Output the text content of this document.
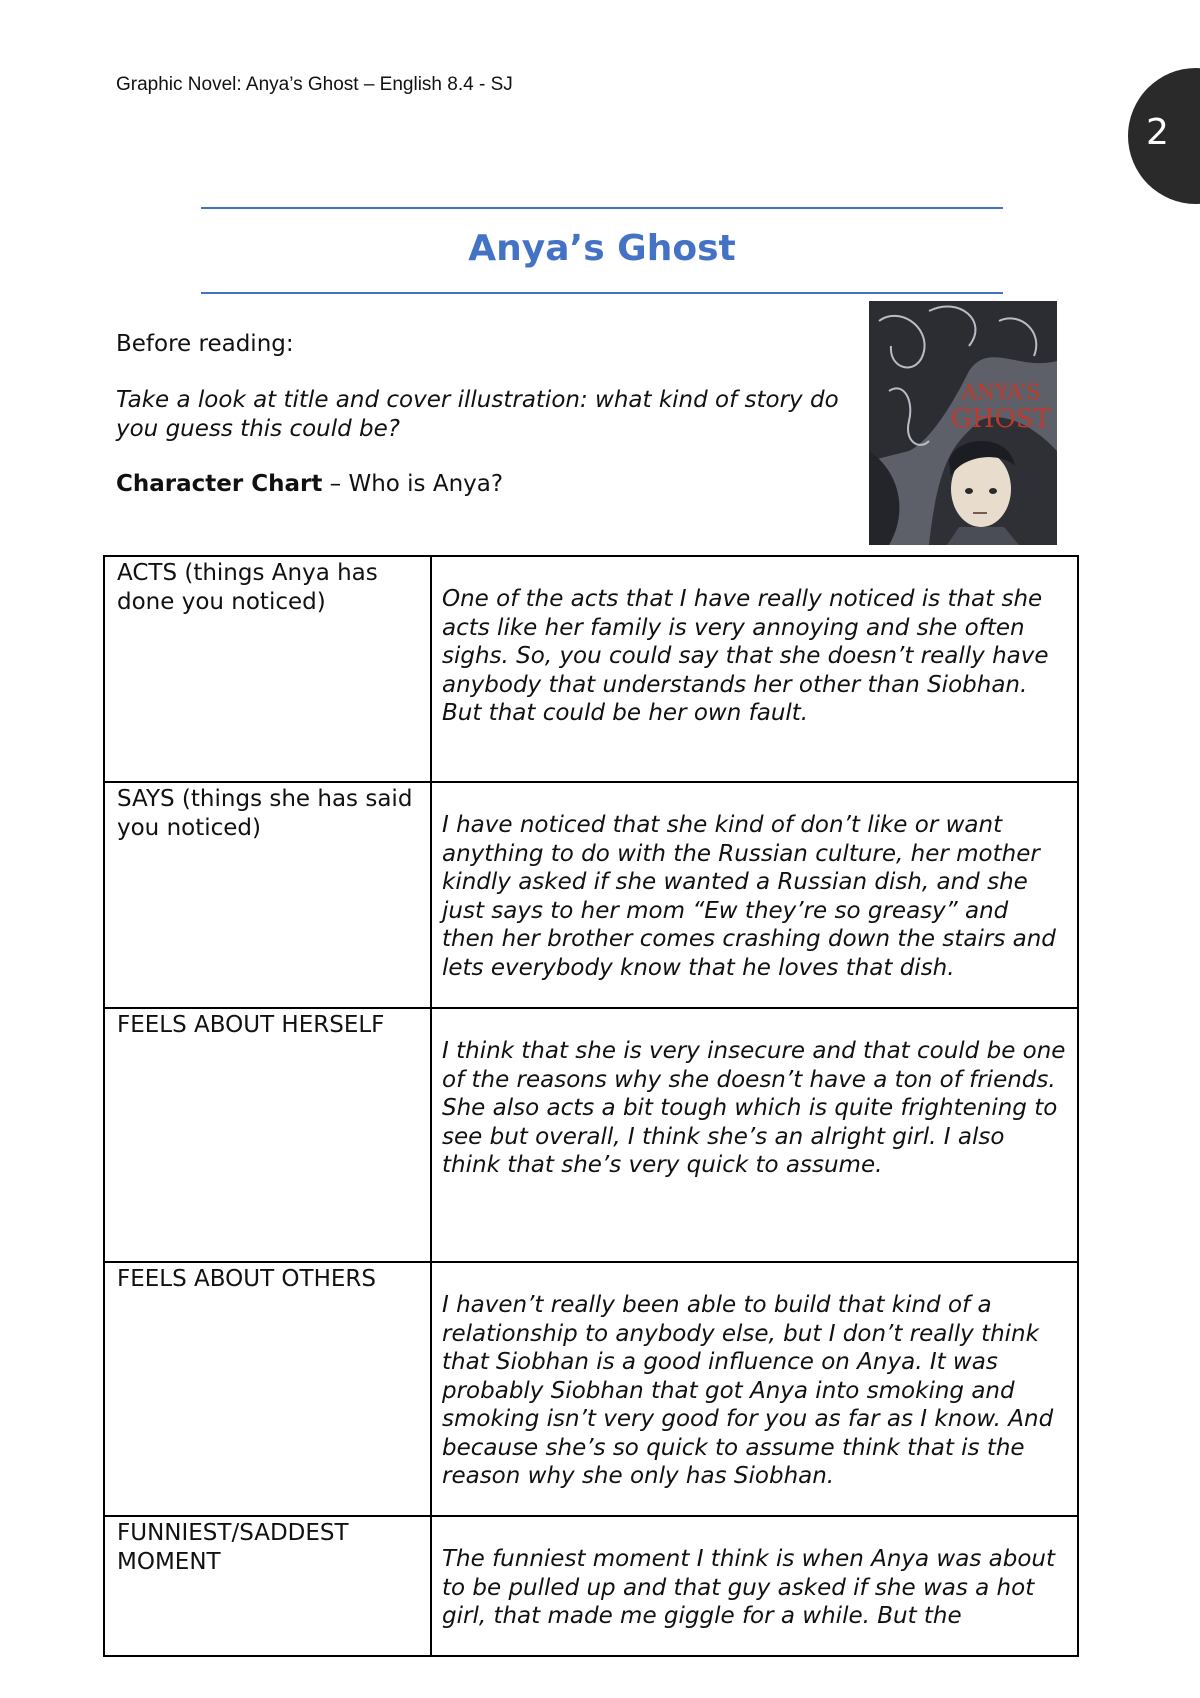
Graphic Novel: Anya’s Ghost – English 8.4 - SJ
2
Anya’s Ghost
Before reading:
Take a look at title and cover illustration: what kind of story do you guess this could be?
Character Chart – Who is Anya?
ANYA’S
GHOST
ACTS (things Anya has done you noticed)	One of the acts that I have really noticed is that she acts like her family is very annoying and she often sighs. So, you could say that she doesn’t really have anybody that understands her other than Siobhan. But that could be her own fault.
SAYS (things she has said you noticed)	I have noticed that she kind of don’t like or want anything to do with the Russian culture, her mother kindly asked if she wanted a Russian dish, and she just says to her mom “Ew they’re so greasy” and then her brother comes crashing down the stairs and lets everybody know that he loves that dish.
FEELS ABOUT HERSELF	I think that she is very insecure and that could be one of the reasons why she doesn’t have a ton of friends. She also acts a bit tough which is quite frightening to see but overall, I think she’s an alright girl. I also think that she’s very quick to assume.
FEELS ABOUT OTHERS	I haven’t really been able to build that kind of a relationship to anybody else, but I don’t really think that Siobhan is a good influence on Anya. It was probably Siobhan that got Anya into smoking and smoking isn’t very good for you as far as I know. And because she’s so quick to assume think that is the reason why she only has Siobhan.
FUNNIEST/SADDEST MOMENT	The funniest moment I think is when Anya was about to be pulled up and that guy asked if she was a hot girl, that made me giggle for a while. But the
